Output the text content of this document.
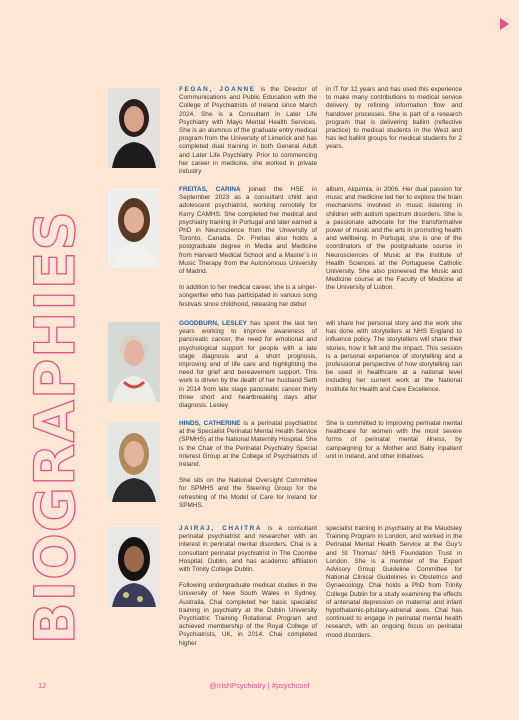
BIOGRAPHIES

FEGAN, JOANNE is the Director of Communications and Public Education with the College of Psychiatrists of Ireland since March 2024. She is a Consultant in Later Life Psychiatry with Mayo Mental Health Services. She is an alumnus of the graduate entry medical program from the University of Limerick and has completed dual training in both General Adult and Later Life Psychiatry. Prior to commencing her career in medicine, she worked in private industry

in IT for 12 years and has used this experience to make many contributions to medical service delivery by refining information flow and handover processes. She is part of a research program that is delivering ballint (reflective practice) to medical students in the West and has led ballint groups for medical students for 2 years.

FREITAS, CARINA joined the HSE in September 2023 as a consultant child and adolescent psychiatrist, working remotely for Kerry CAMHS. She completed her medical and psychiatry training in Portugal and later earned a PhD in Neuroscience from the University of Toronto, Canada. Dr. Freitas also holds a postgraduate degree in Media and Medicine from Harvard Medical School and a Master´s in Music Therapy from the Autonomous University of Madrid.

In addition to her medical career, she is a singer-songwriter who has participated in various song festivals since childhood, releasing her debut

album, Alquimia, in 2006. Her dual passion for music and medicine led her to explore the brain mechanisms involved in music listening in children with autism spectrum disorders. She is a passionate advocate for the transformative power of music and the arts in promoting health and wellbeing. In Portugal, she is one of the coordinators of the postgraduate course in Neurosciences of Music at the Institute of Health Sciences at the Portuguese Catholic University. She also pioneered the Music and Medicine course at the Faculty of Medicine at the University of Lisbon.

GOODBURN, LESLEY has spent the last ten years working to improve awareness of pancreatic cancer, the need for emotional and psychological support for people with a late stage diagnosis and a short prognosis, improving end of life care and highlighting the need for grief and bereavement support. This work is driven by the death of her husband Seth in 2014 from late stage pancreatic cancer thirty three short and heartbreaking days after diagnosis. Lesley

will share her personal story and the work she has done with storytellers at NHS England to influence policy. The storytellers will share their stories, how it felt and the impact. This session is a personal experience of storytelling and a professional perspective of how storytelling can be used in healthcare at a national level including her current work at the National Institute for Health and Care Excellence.

HINDS, CATHERINE is a perinatal psychiatrist at the Specialist Perinatal Mental Health Service (SPMHS) at the National Maternity Hospital. She is the Chair of the Perinatal Psychiatry Special Interest Group at the College of Psychiatrists of Ireland.

She sits on the National Oversight Committee for SPMHS and the Steering Group for the refreshing of the Model of Care for Ireland for SPMHS.

She is committed to improving perinatal mental healthcare for women with the most severe forms of perinatal mental illness, by campaigning for a Mother and Baby inpatient unit in Ireland, and other initiatives.

JAIRAJ, CHAITRA is a consultant perinatal psychiatrist and researcher with an interest in perinatal mental disorders. Chai is a consultant perinatal psychiatrist in The Coombe Hospital, Dublin, and has academic affiliation with Trinity College Dublin.

Following undergraduate medical studies in the University of New South Wales in Sydney, Australia, Chai completed her basic specialist training in psychiatry at the Dublin University Psychiatric Training Rotational Program and achieved membership of the Royal College of Psychiatrists, UK, in 2014. Chai completed higher

specialist training in psychiatry at the Maudsley Training Program in London, and worked in the Perinatal Mental Health Service at the Guy's and St Thomas' NHS Foundation Trust in London. She is a member of the Expert Advisory Group Guideline Committee for National Clinical Guidelines in Obstetrics and Gynaecology. Chai holds a PhD from Trinity College Dublin for a study examining the effects of antenatal depression on maternal and infant hypothalamic-pituitary-adrenal axes. Chai has continued to engage in perinatal mental health research, with an ongoing focus on perinatal mood disorders.

12	@IrishPsychiatry | #psychconf
